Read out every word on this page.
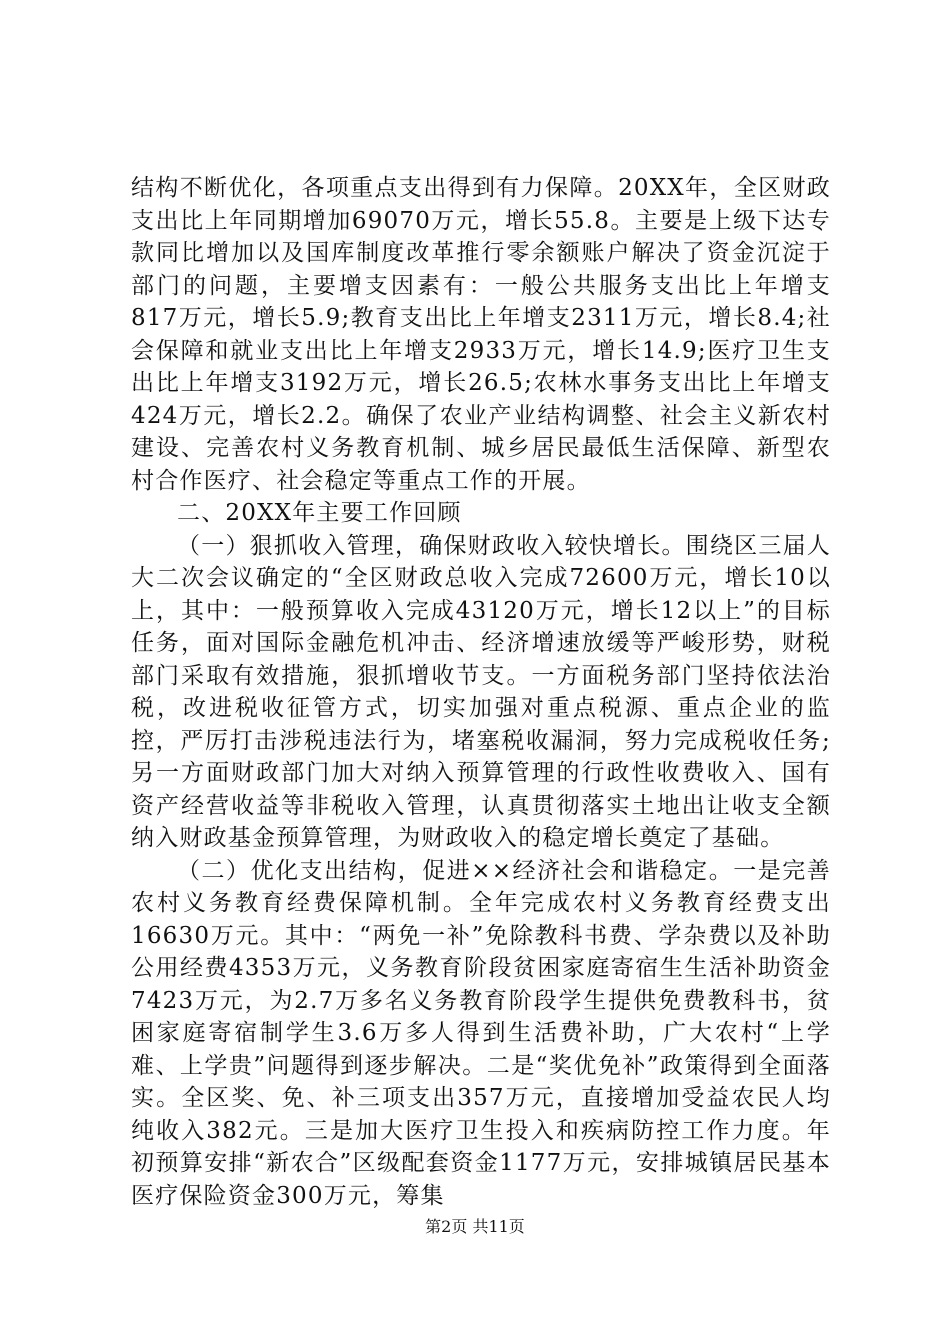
结构不断优化，各项重点支出得到有力保障。20XX年，全区财政支出比上年同期增加69070万元，增长55.8。主要是上级下达专款同比增加以及国库制度改革推行零余额账户解决了资金沉淀于部门的问题，主要增支因素有：一般公共服务支出比上年增支817万元，增长5.9;教育支出比上年增支2311万元，增长8.4;社会保障和就业支出比上年增支2933万元，增长14.9;医疗卫生支出比上年增支3192万元，增长26.5;农林水事务支出比上年增支424万元，增长2.2。确保了农业产业结构调整、社会主义新农村建设、完善农村义务教育机制、城乡居民最低生活保障、新型农村合作医疗、社会稳定等重点工作的开展。

二、20XX年主要工作回顾

（一）狠抓收入管理，确保财政收入较快增长。围绕区三届人大二次会议确定的“全区财政总收入完成72600万元，增长10以上，其中：一般预算收入完成43120万元，增长12以上”的目标任务，面对国际金融危机冲击、经济增速放缓等严峻形势，财税部门采取有效措施，狠抓增收节支。一方面税务部门坚持依法治税，改进税收征管方式，切实加强对重点税源、重点企业的监控，严厉打击涉税违法行为，堵塞税收漏洞，努力完成税收任务;另一方面财政部门加大对纳入预算管理的行政性收费收入、国有资产经营收益等非税收入管理，认真贯彻落实土地出让收支全额纳入财政基金预算管理，为财政收入的稳定增长奠定了基础。

（二）优化支出结构，促进××经济社会和谐稳定。一是完善农村义务教育经费保障机制。全年完成农村义务教育经费支出16630万元。其中：“两免一补”免除教科书费、学杂费以及补助公用经费4353万元，义务教育阶段贫困家庭寄宿生生活补助资金7423万元，为2.7万多名义务教育阶段学生提供免费教科书，贫困家庭寄宿制学生3.6万多人得到生活费补助，广大农村“上学难、上学贵”问题得到逐步解决。二是“奖优免补”政策得到全面落实。全区奖、免、补三项支出357万元，直接增加受益农民人均纯收入382元。三是加大医疗卫生投入和疾病防控工作力度。年初预算安排“新农合”区级配套资金1177万元，安排城镇居民基本医疗保险资金300万元，筹集

第2页 共11页
